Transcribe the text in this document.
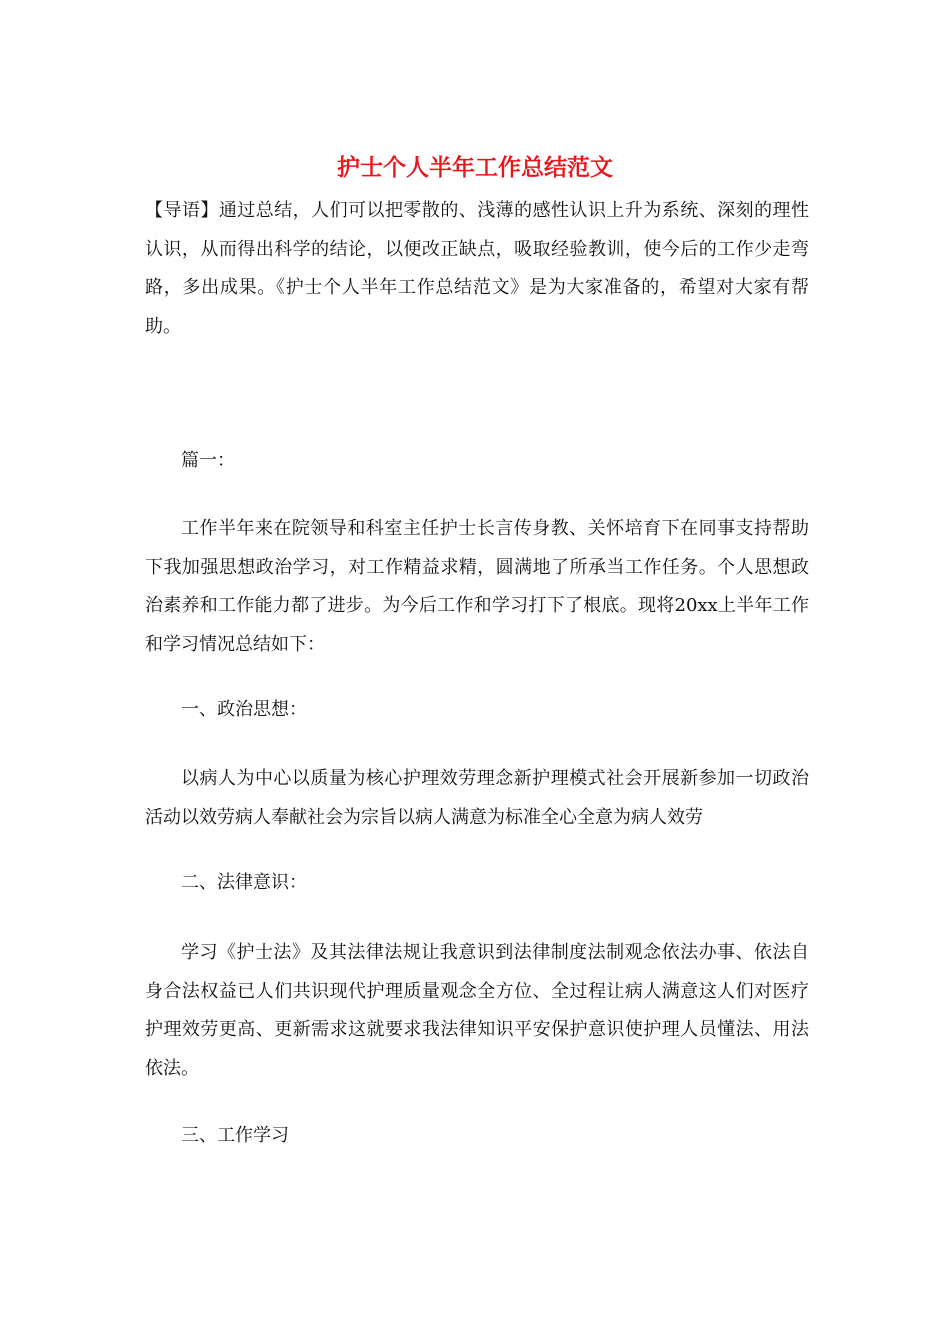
护士个人半年工作总结范文

【导语】通过总结，人们可以把零散的、浅薄的感性认识上升为系统、深刻的理性认识，从而得出科学的结论，以便改正缺点，吸取经验教训，使今后的工作少走弯路，多出成果。《护士个人半年工作总结范文》是为大家准备的，希望对大家有帮助。

篇一：

工作半年来在院领导和科室主任护士长言传身教、关怀培育下在同事支持帮助下我加强思想政治学习，对工作精益求精，圆满地了所承当工作任务。个人思想政治素养和工作能力都了进步。为今后工作和学习打下了根底。现将20xx上半年工作和学习情况总结如下：

一、政治思想：

以病人为中心以质量为核心护理效劳理念新护理模式社会开展新参加一切政治活动以效劳病人奉献社会为宗旨以病人满意为标准全心全意为病人效劳

二、法律意识：

学习《护士法》及其法律法规让我意识到法律制度法制观念依法办事、依法自身合法权益已人们共识现代护理质量观念全方位、全过程让病人满意这人们对医疗护理效劳更高、更新需求这就要求我法律知识平安保护意识使护理人员懂法、用法依法。

三、工作学习
